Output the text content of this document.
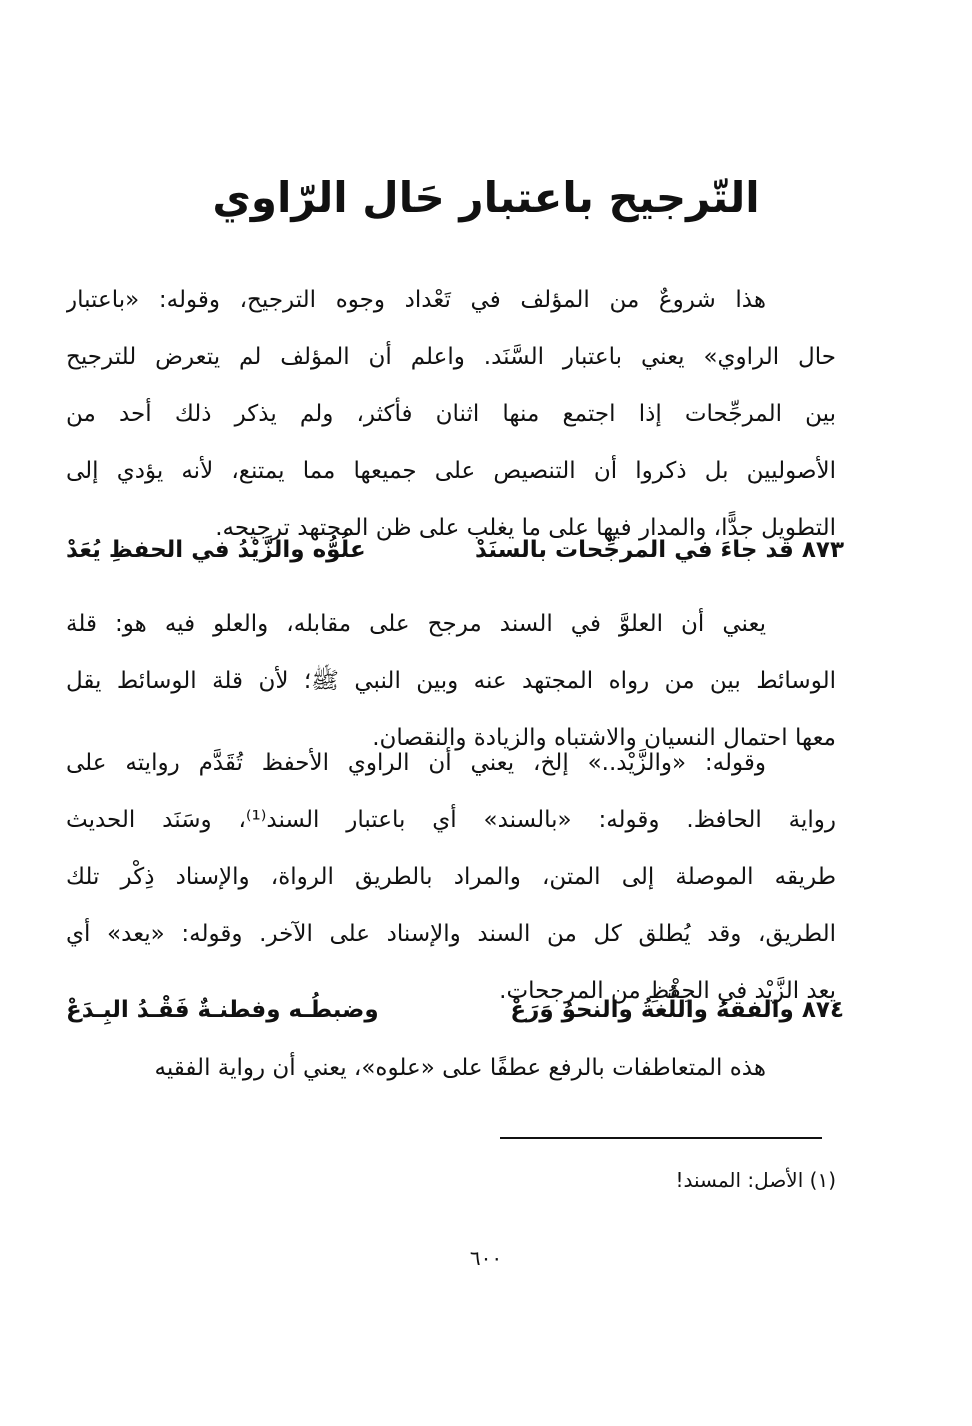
التّرجيح باعتبار حَال الرّاوي
هذا شروعٌ من المؤلف في تَعْداد وجوه الترجيح، وقوله: «باعتبار
حال الراوي» يعني باعتبار السَّنَد. واعلم أن المؤلف لم يتعرض للترجيح
بين المرجِّحات إذا اجتمع منها اثنان فأكثر، ولم يذكر ذلك أحد من
الأصوليين بل ذكروا أن التنصيص على جميعها مما يمتنع، لأنه يؤدي إلى
التطويل جدًّا، والمدار فيها على ما يغلب على ظن المجتهد ترجيحه.
٨٧٣ قد جاءَ في المرجِّحات بالسنَدْ
علُوُّه والزَّيْدُ في الحفظِ يُعَدْ
يعني أن العلوَّ في السند مرجح على مقابله، والعلو فيه هو: قلة
الوسائط بين من رواه المجتهد عنه وبين النبي ﷺ؛ لأن قلة الوسائط يقل
معها احتمال النسيان والاشتباه والزيادة والنقصان.
وقوله: «والزَّيْد..» إلخ، يعني أن الراوي الأحفظ تُقَدَّم روايته على
رواية الحافظ. وقوله: «بالسند» أي باعتبار السند⁽¹⁾، وسَنَد الحديث
طريقه الموصلة إلى المتن، والمراد بالطريق الرواة، والإسناد ذِكْر تلك
الطريق، وقد يُطلق كل من السند والإسناد على الآخر. وقوله: «يعد» أي
يعد الزَّيْد في الحِفْظِ من المرجحات.
٨٧٤ والفقهُ واللُّغةُ والنحوُ وَرَعْ
وضبطُـه وفطنـةٌ فَقْـدُ البِـدَعْ
هذه المتعاطفات بالرفع عطفًا على «علوه»، يعني أن رواية الفقيه
(١) الأصل: المسند!
٦٠٠
